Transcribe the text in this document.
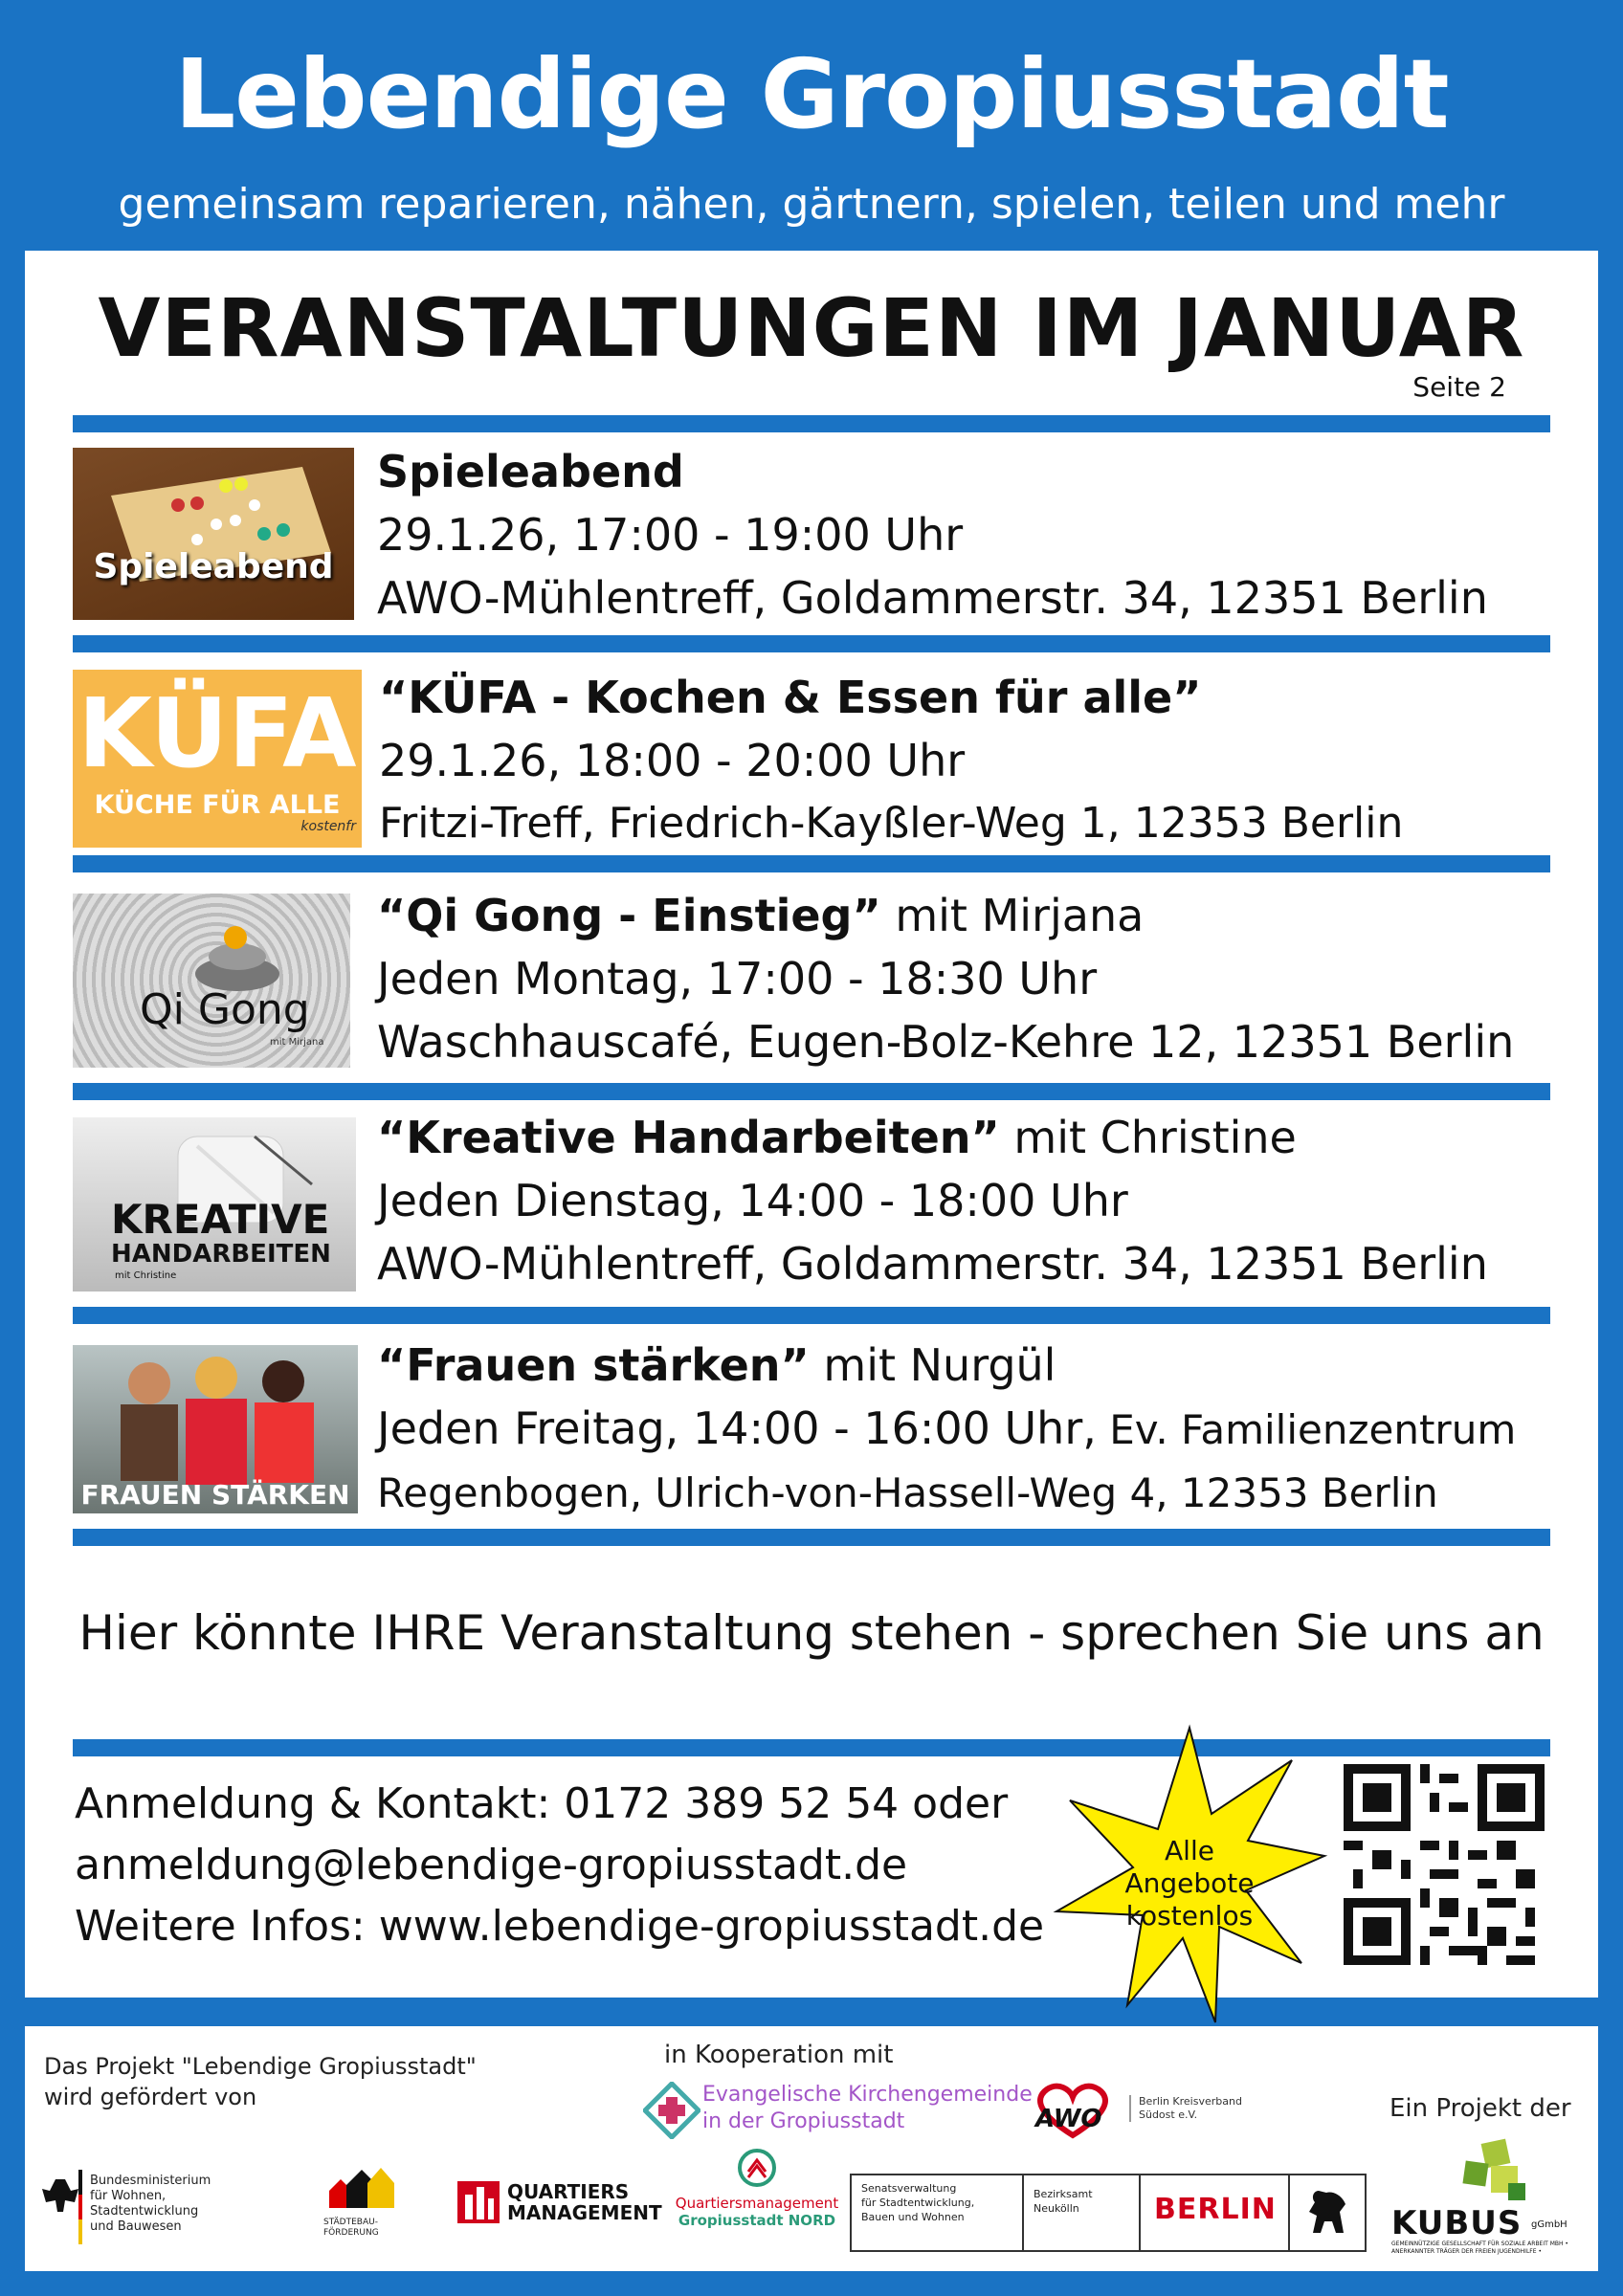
Lebendige Gropiusstadt
gemeinsam reparieren, nähen, gärtnern, spielen, teilen und mehr
VERANSTALTUNGEN IM JANUAR
Seite 2
Spieleabend
Spieleabend
29.1.26, 17:00 - 19:00 Uhr
AWO-Mühlentreff, Goldammerstr. 34, 12351 Berlin
KÜFA
KÜCHE FÜR ALLE
kostenfr
“KÜFA - Kochen & Essen für alle”
29.1.26, 18:00 - 20:00 Uhr
Fritzi-Treff, Friedrich-Kayßler-Weg 1, 12353 Berlin
Qi Gong
mit Mirjana
“Qi Gong - Einstieg” mit Mirjana
Jeden Montag, 17:00 - 18:30 Uhr
Waschhauscafé, Eugen-Bolz-Kehre 12, 12351 Berlin
KREATIVE
HANDARBEITEN
mit Christine
“Kreative Handarbeiten” mit Christine
Jeden Dienstag, 14:00 - 18:00 Uhr
AWO-Mühlentreff, Goldammerstr. 34, 12351 Berlin
FRAUEN STÄRKEN
“Frauen stärken” mit Nurgül
Jeden Freitag, 14:00 - 16:00 Uhr, Ev. Familienzentrum
Regenbogen, Ulrich-von-Hassell-Weg 4, 12353 Berlin
Hier könnte IHRE Veranstaltung stehen - sprechen Sie uns an
Anmeldung & Kontakt: 0172 389 52 54 oder
anmeldung@lebendige-gropiusstadt.de
Weitere Infos: www.lebendige-gropiusstadt.de
Alle
Angebote
kostenlos
Das Projekt "Lebendige Gropiusstadt"
wird gefördert von
in Kooperation mit
Evangelische Kirchengemeinde
in der Gropiusstadt	AWO
Berlin Kreisverband
Südost e.V.	Ein Projekt der
Bundesministerium
für Wohnen, Stadtentwicklung
und Bauwesen	STÄDTEBAU-
FÖRDERUNG
QUARTIERS
MANAGEMENT Quartiersmanagement
Gropiusstadt NORD
Senatsverwaltung
für Stadtentwicklung,
Bauen und Wohnen
Bezirksamt
Neukölln	BERLIN	KUBUS gGmbH
GEMEINNÜTZIGE GESELLSCHAFT FÜR SOZIALE ARBEIT MBH • ANERKANNTER TRÄGER DER FREIEN JUGENDHILFE •
